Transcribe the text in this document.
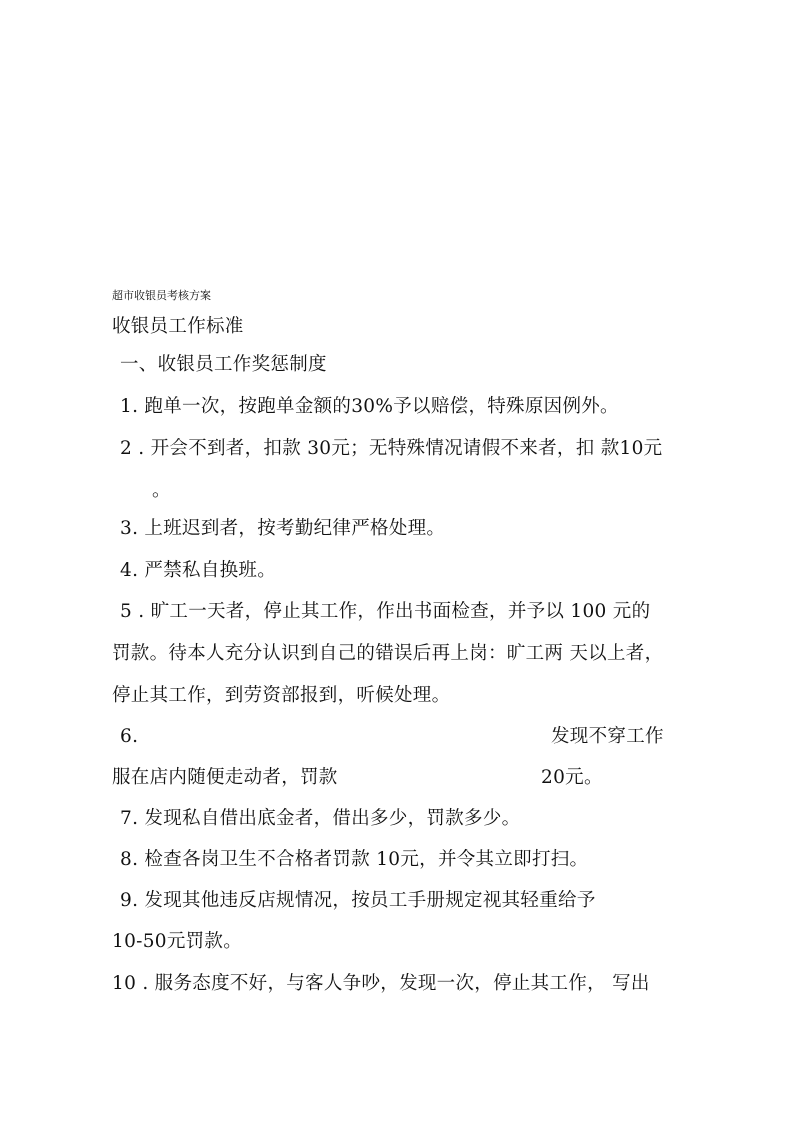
超市收银员考核方案

收银员工作标准

一、收银员工作奖惩制度

1. 跑单一次，按跑单金额的30%予以赔偿，特殊原因例外。

2 . 开会不到者，扣款 30元；无特殊情况请假不来者，扣 款10元

。

3. 上班迟到者，按考勤纪律严格处理。

4. 严禁私自换班。

5 . 旷工一天者，停止其工作，作出书面检查，并予以 100 元的

罚款。待本人充分认识到自己的错误后再上岗：旷工两 天以上者，

停止其工作，到劳资部报到，听候处理。

6.	发现不穿工作

服在店内随便走动者，罚款	20元。

7. 发现私自借出底金者，借出多少，罚款多少。

8. 检查各岗卫生不合格者罚款 10元，并令其立即打扫。

9. 发现其他违反店规情况，按员工手册规定视其轻重给予

10-50元罚款。

10 . 服务态度不好，与客人争吵，发现一次，停止其工作， 写出
